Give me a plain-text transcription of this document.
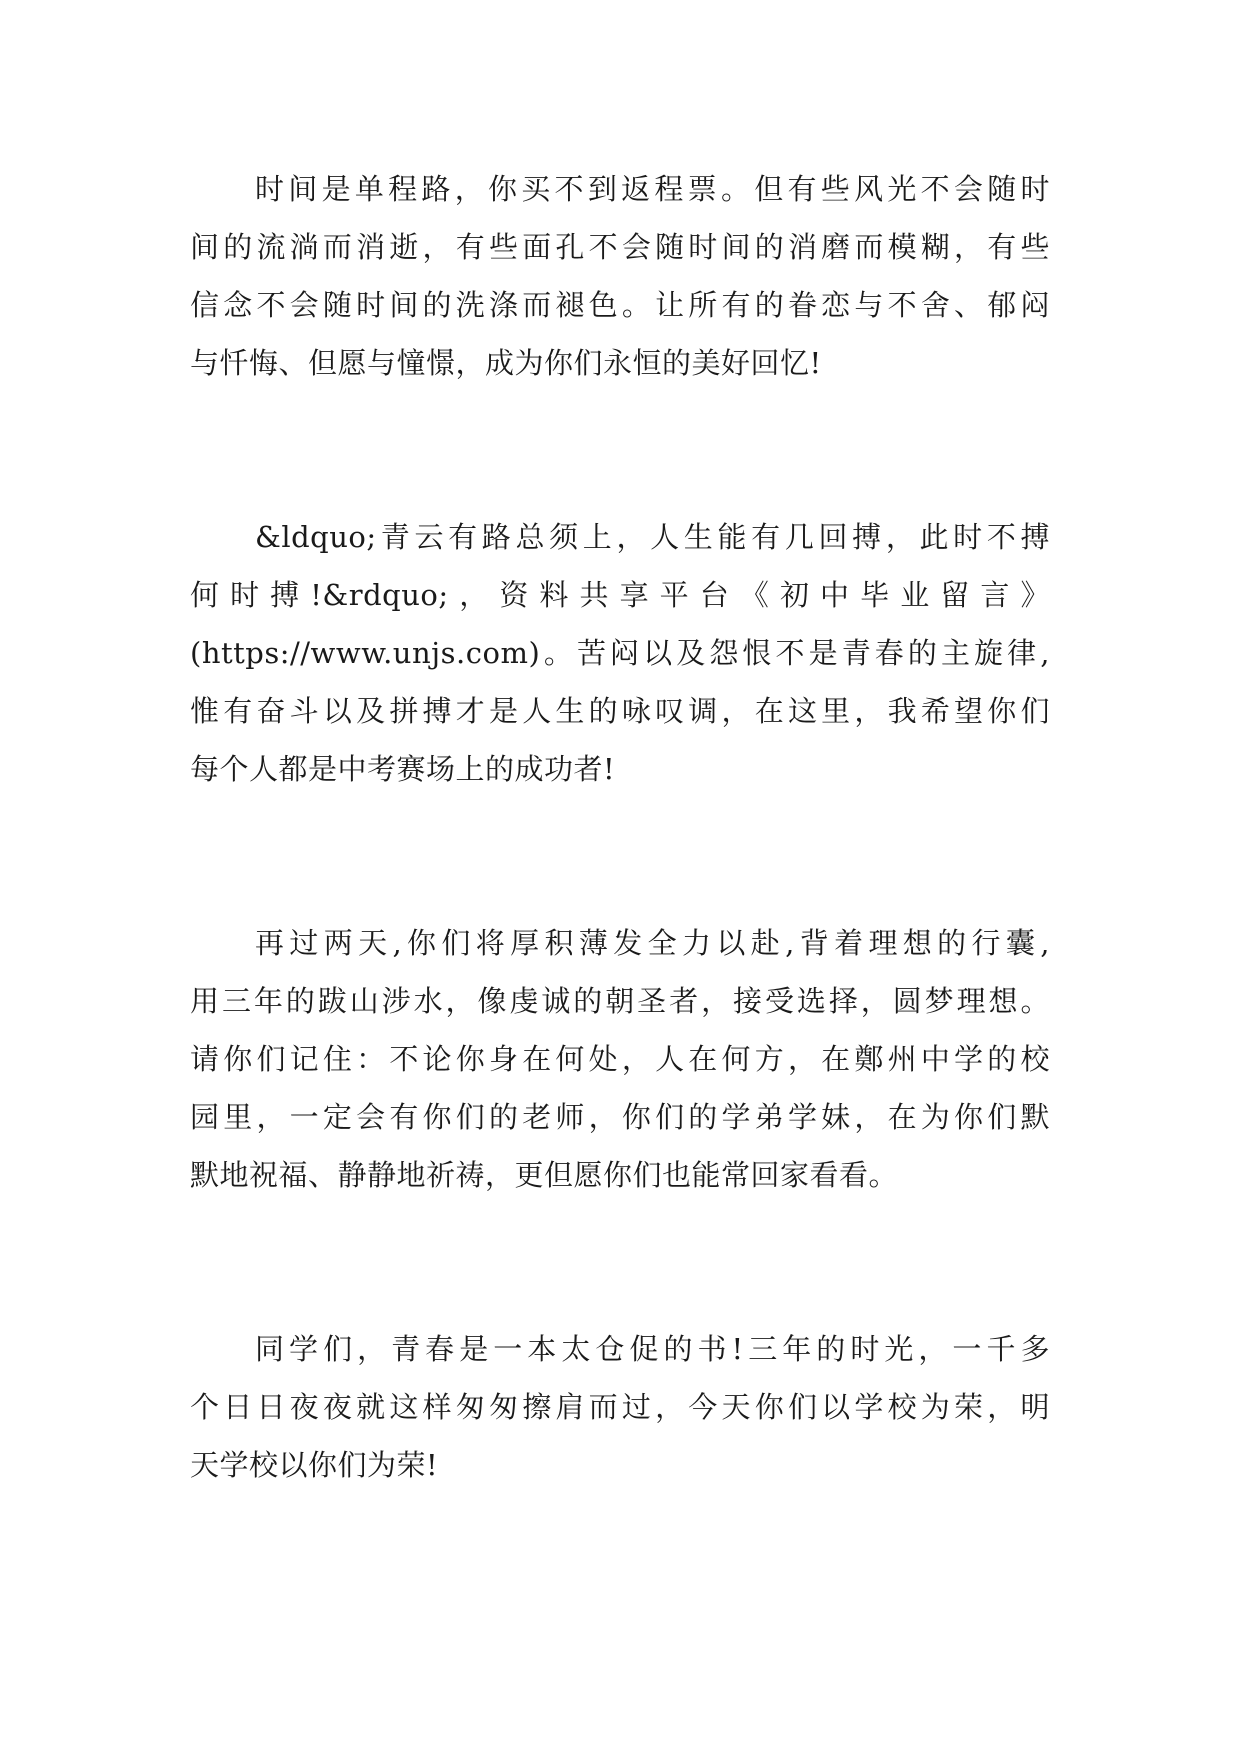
时间是单程路，你买不到返程票。但有些风光不会随时
间的流淌而消逝，有些面孔不会随时间的消磨而模糊，有些
信念不会随时间的洗涤而褪色。让所有的眷恋与不舍、郁闷
与忏悔、但愿与憧憬，成为你们永恒的美好回忆!
&ldquo;青云有路总须上，人生能有几回搏，此时不搏
何时搏!&rdquo;，资料共享平台《初中毕业留言》
(https://www.unjs.com)。苦闷以及怨恨不是青春的主旋律,
惟有奋斗以及拼搏才是人生的咏叹调，在这里，我希望你们
每个人都是中考赛场上的成功者!
再过两天,你们将厚积薄发全力以赴,背着理想的行囊,
用三年的跋山涉水，像虔诚的朝圣者，接受选择，圆梦理想。
请你们记住：不论你身在何处，人在何方，在鄭州中学的校
园里，一定会有你们的老师，你们的学弟学妹，在为你们默
默地祝福、静静地祈祷，更但愿你们也能常回家看看。
同学们，青春是一本太仓促的书!三年的时光，一千多
个日日夜夜就这样匆匆擦肩而过，今天你们以学校为荣，明
天学校以你们为荣!
